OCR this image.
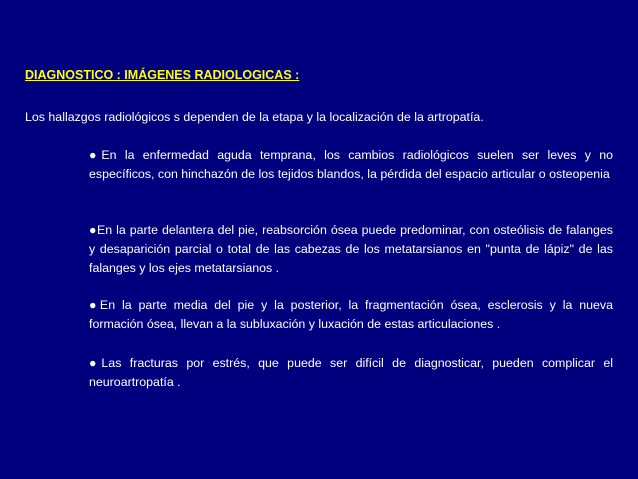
DIAGNOSTICO : IMÁGENES RADIOLOGICAS :
Los hallazgos radiológicos s dependen de la etapa y la localización de la artropatía.
●En la enfermedad aguda temprana, los cambios radiológicos suelen ser leves y no específicos, con hinchazón de los tejidos blandos, la pérdida del espacio articular o osteopenia
●En la parte delantera del pie, reabsorción ósea puede predominar, con osteólisis de falanges y desaparición parcial o total de las cabezas de los metatarsianos en "punta de lápiz" de las falanges y los ejes metatarsianos .
●En la parte media del pie y la posterior, la fragmentación ósea, esclerosis y la nueva formación ósea, llevan a la subluxación y luxación de estas articulaciones .
●Las fracturas por estrés, que puede ser difícil de diagnosticar, pueden complicar el neuroartropatía .
